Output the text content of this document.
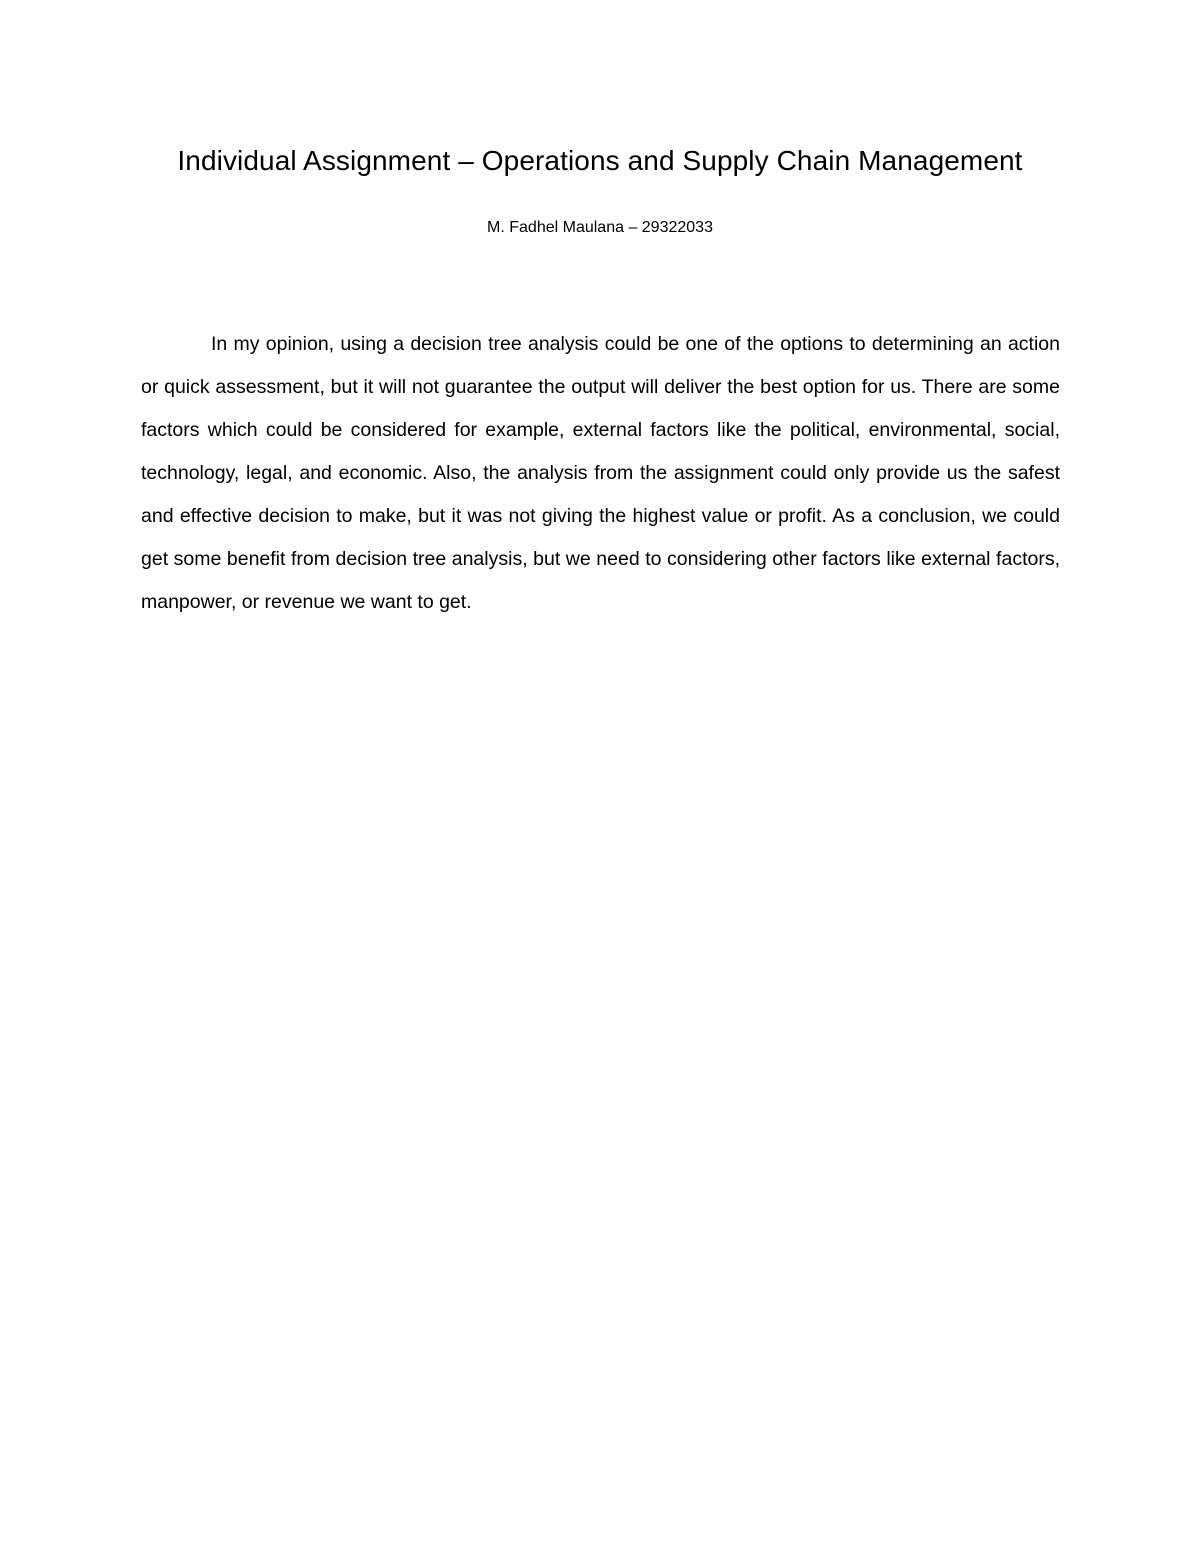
Individual Assignment – Operations and Supply Chain Management

M. Fadhel Maulana – 29322033

In my opinion, using a decision tree analysis could be one of the options to determining an action or quick assessment, but it will not guarantee the output will deliver the best option for us. There are some factors which could be considered for example, external factors like the political, environmental, social, technology, legal, and economic. Also, the analysis from the assignment could only provide us the safest and effective decision to make, but it was not giving the highest value or profit. As a conclusion, we could get some benefit from decision tree analysis, but we need to considering other factors like external factors, manpower, or revenue we want to get.
